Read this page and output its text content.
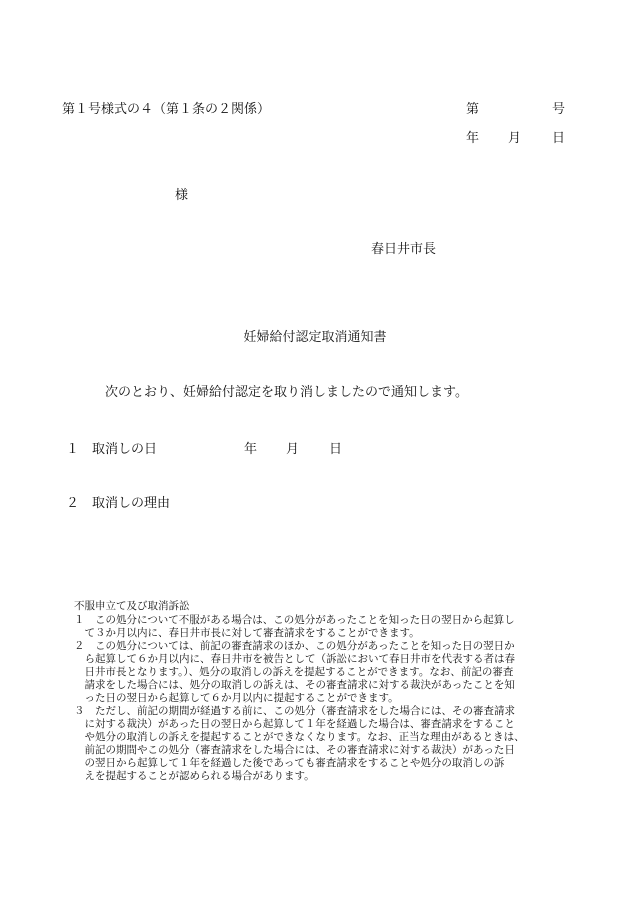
第１号様式の４（第１条の２関係）	第	号
年 月 日
様
春日井市長
妊婦給付認定取消通知書
次のとおり、妊婦給付認定を取り消しましたので通知します。
１ 取消しの日	年 月 日
２ 取消しの理由
不服申立て及び取消訴訟
１　この処分について不服がある場合は、この処分があったことを知った日の翌日から起算し
　て３か月以内に、春日井市長に対して審査請求をすることができます。
２　この処分については、前記の審査請求のほか、この処分があったことを知った日の翌日か
　ら起算して６か月以内に、春日井市を被告として（訴訟において春日井市を代表する者は春
　日井市長となります。）、処分の取消しの訴えを提起することができます。なお、前記の審査
　請求をした場合には、処分の取消しの訴えは、その審査請求に対する裁決があったことを知
　った日の翌日から起算して６か月以内に提起することができます。
３　ただし、前記の期間が経過する前に、この処分（審査請求をした場合には、その審査請求
　に対する裁決）があった日の翌日から起算して１年を経過した場合は、審査請求をすること
　や処分の取消しの訴えを提起することができなくなります。なお、正当な理由があるときは、
　前記の期間やこの処分（審査請求をした場合には、その審査請求に対する裁決）があった日
　の翌日から起算して１年を経過した後であっても審査請求をすることや処分の取消しの訴
　えを提起することが認められる場合があります。
